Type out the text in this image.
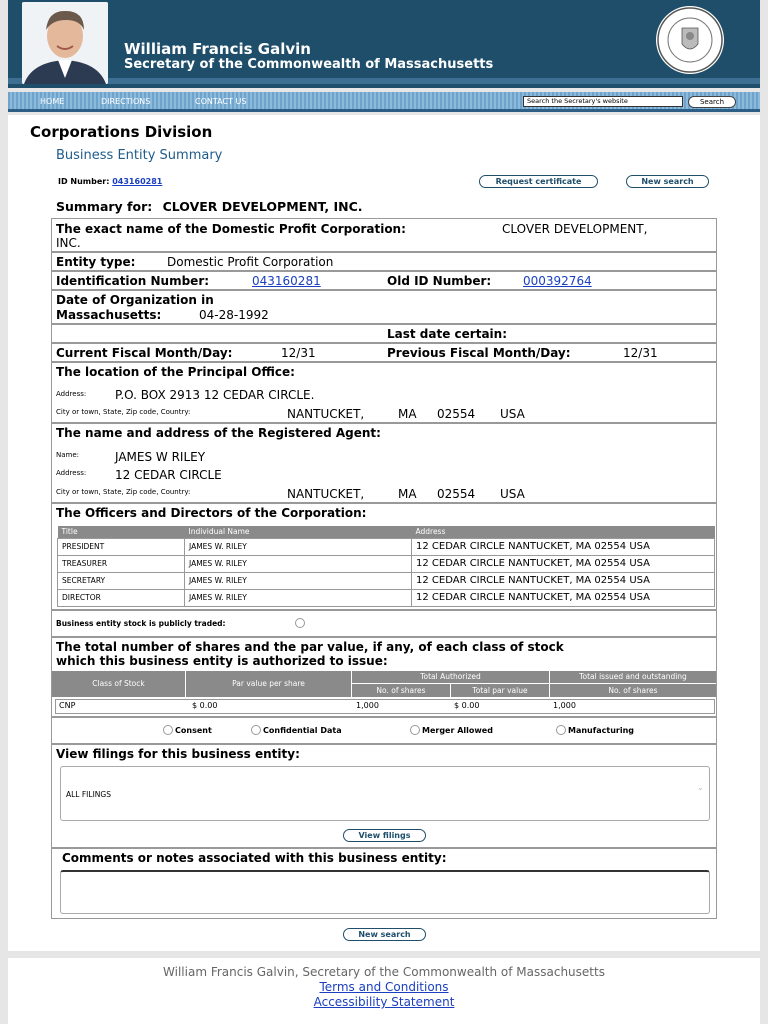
William Francis Galvin
Secretary of the Commonwealth of Massachusetts
HOME	DIRECTIONS	CONTACT US	Search the Secretary's website	Search
Corporations Division
Business Entity Summary
ID Number: 043160281	Request certificate	New search
Summary for: CLOVER DEVELOPMENT, INC.
The exact name of the Domestic Profit Corporation:	CLOVER DEVELOPMENT,
INC.
Entity type:	Domestic Profit Corporation
Identification Number:	043160281	Old ID Number:	000392764
Date of Organization in
Massachusetts:	04-28-1992
Last date certain:
Current Fiscal Month/Day:	12/31	Previous Fiscal Month/Day:	12/31
The location of the Principal Office:
Address: P.O. BOX 2913 12 CEDAR CIRCLE.
City or town, State, Zip code, Country:	NANTUCKET,	MA 02554 USA
The name and address of the Registered Agent:
Name:	JAMES W RILEY
Address: 12 CEDAR CIRCLE
City or town, State, Zip code, Country:	NANTUCKET,	MA 02554 USA
The Officers and Directors of the Corporation:
Title	Individual Name	Address
PRESIDENT	JAMES W. RILEY	12 CEDAR CIRCLE NANTUCKET, MA 02554 USA
TREASURER	JAMES W. RILEY	12 CEDAR CIRCLE NANTUCKET, MA 02554 USA
SECRETARY	JAMES W. RILEY	12 CEDAR CIRCLE NANTUCKET, MA 02554 USA
DIRECTOR	JAMES W. RILEY	12 CEDAR CIRCLE NANTUCKET, MA 02554 USA
Business entity stock is publicly traded:
The total number of shares and the par value, if any, of each class of stock
which this business entity is authorized to issue:
Class of Stock	Par value per share
Total Authorized
No. of shares	Total par value
Total issued and outstanding
No. of shares
CNP	$ 0.00	1,000	$ 0.00	1,000
Consent	Confidential Data	Merger Allowed	Manufacturing
View filings for this business entity:
ALL FILINGS
⌄
View filings
Comments or notes associated with this business entity:
New search
William Francis Galvin, Secretary of the Commonwealth of Massachusetts
Terms and Conditions
Accessibility Statement
